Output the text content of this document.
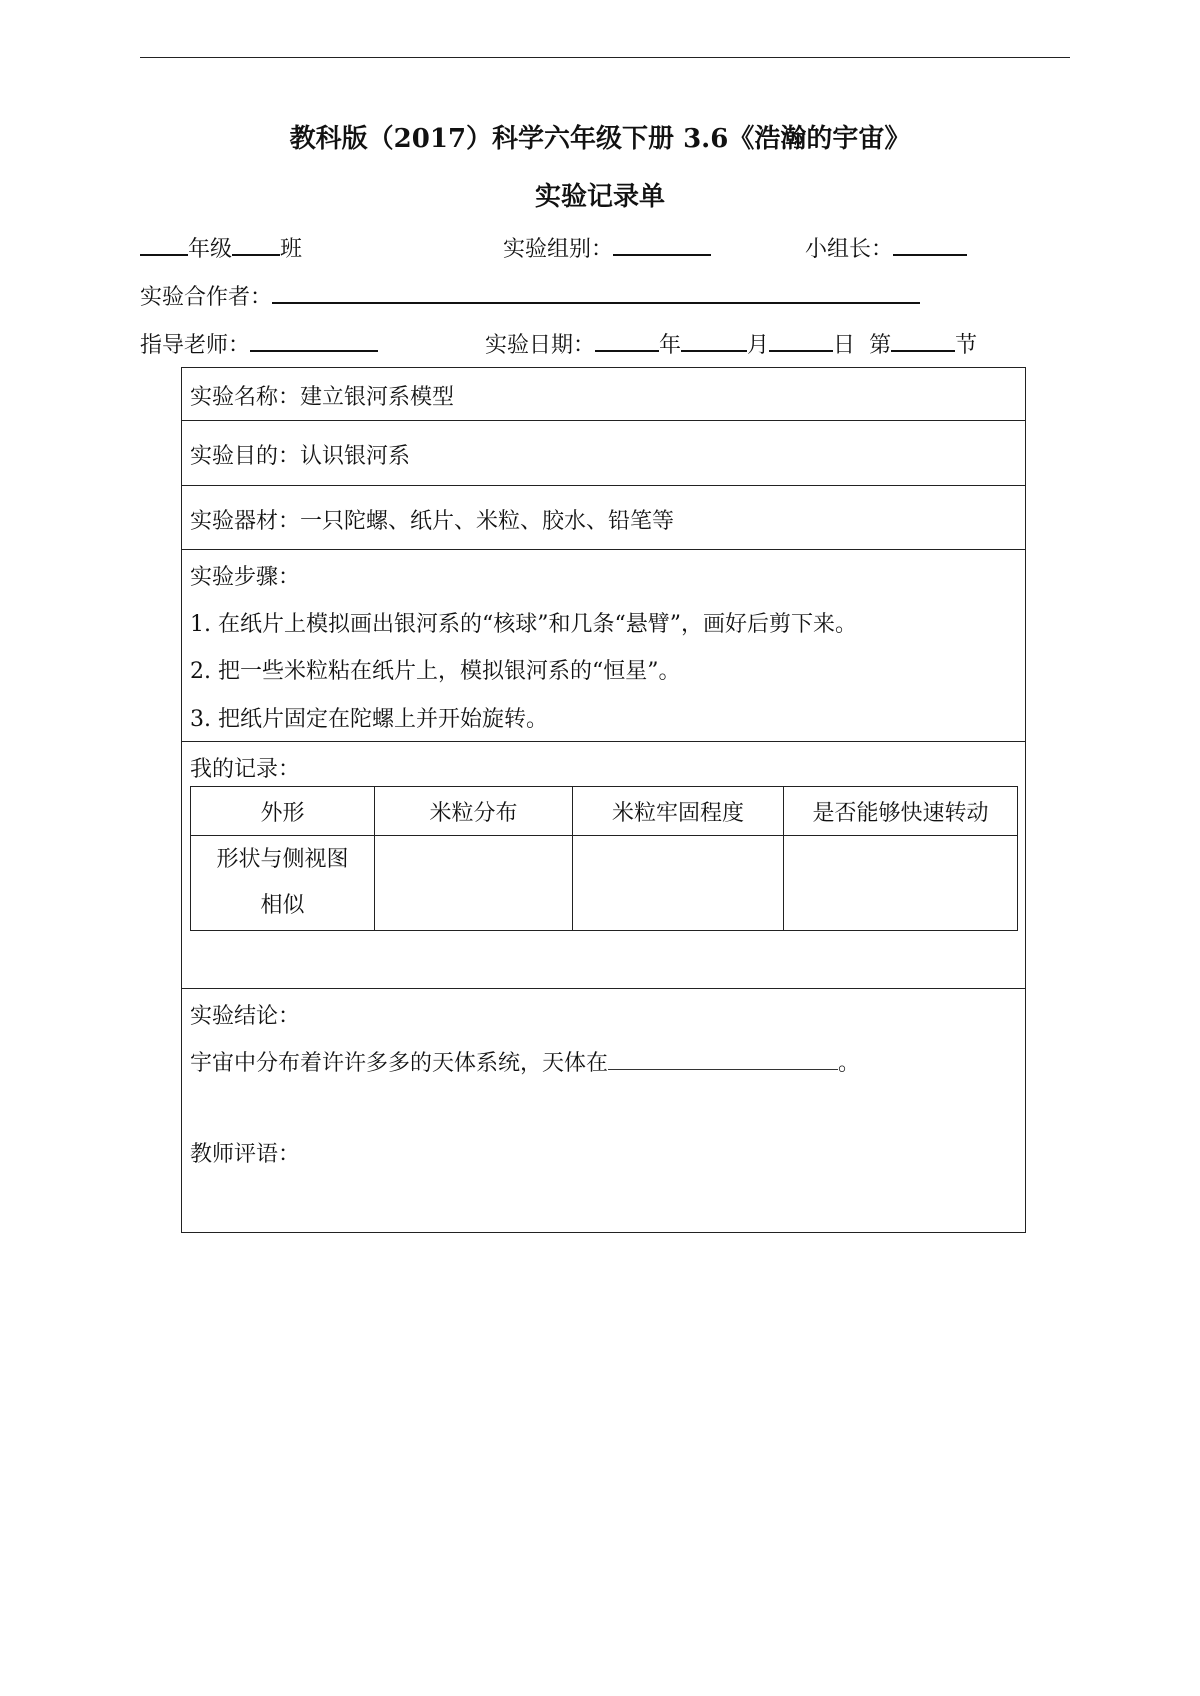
教科版（2017）科学六年级下册 3.6《浩瀚的宇宙》
实验记录单
年级 班	实验组别：	小组长：
实验合作者：
指导老师：	实验日期：	年	月	日 第	节
实验名称：建立银河系模型
实验目的：认识银河系
实验器材：一只陀螺、纸片、米粒、胶水、铅笔等
实验步骤：
1. 在纸片上模拟画出银河系的“核球”和几条“悬臂”，画好后剪下来。
2. 把一些米粒粘在纸片上，模拟银河系的“恒星”。
3. 把纸片固定在陀螺上并开始旋转。
我的记录：
外形	米粒分布	米粒牢固程度	是否能够快速转动
形状与侧视图
相似			
实验结论：
宇宙中分布着许许多多的天体系统，天体在	。
教师评语：
